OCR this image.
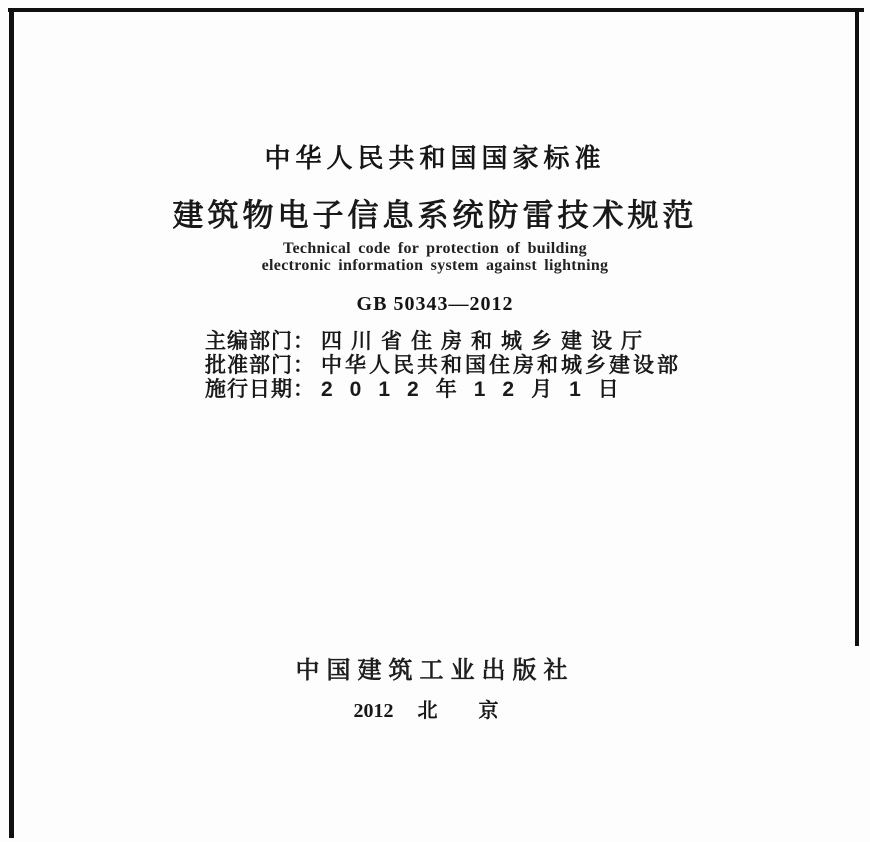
中华人民共和国国家标准
建筑物电子信息系统防雷技术规范
Technical code for protection of building
electronic information system against lightning
GB 50343—2012
主编部门： 四川省住房和城乡建设厅
批准部门： 中华人民共和国住房和城乡建设部
施行日期： 2012年12月1日
中国建筑工业出版社
2012 北 京
